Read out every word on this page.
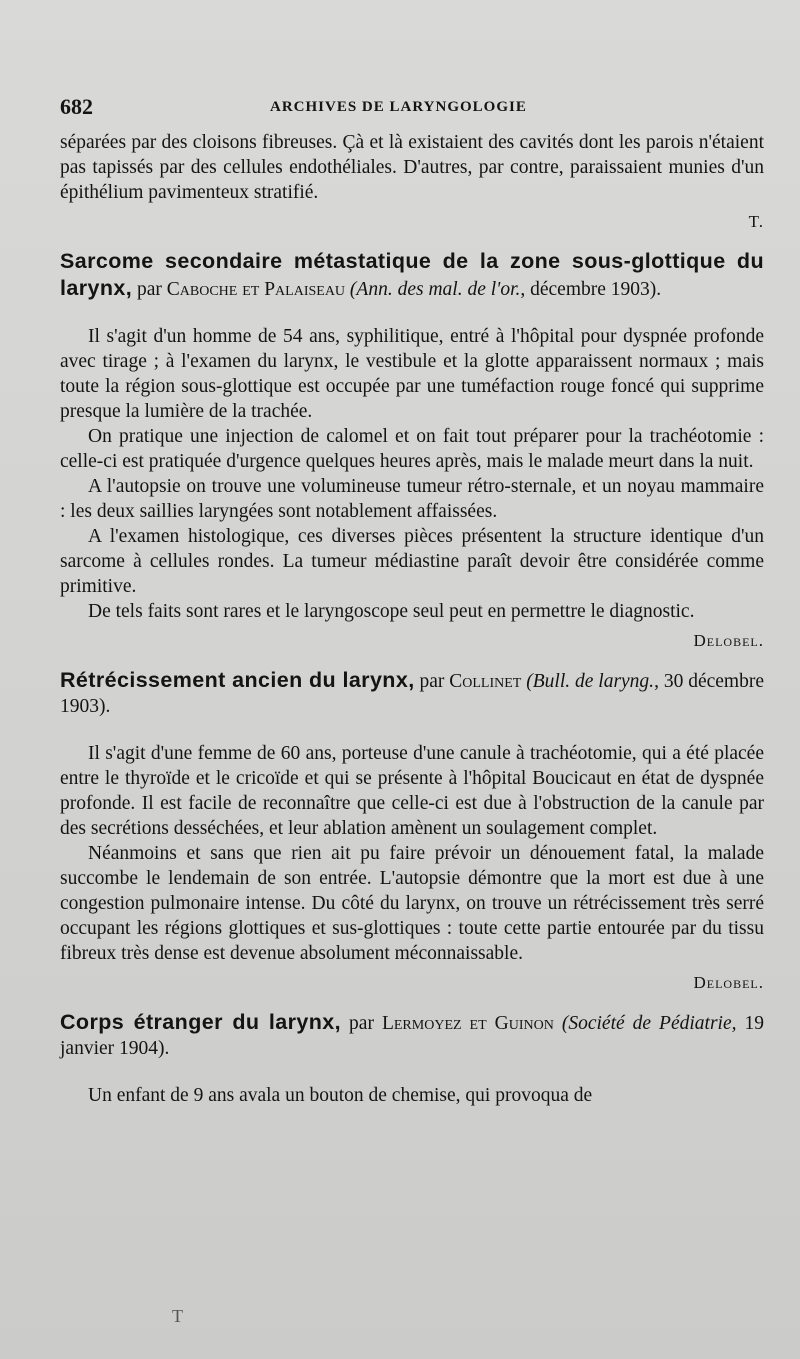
682	ARCHIVES DE LARYNGOLOGIE

séparées par des cloisons fibreuses. Çà et là existaient des cavités dont les parois n'étaient pas tapissés par des cellules endothéliales. D'autres, par contre, paraissaient munies d'un épithélium pavimenteux stratifié.

T.
Sarcome secondaire métastatique de la zone sous-glottique du larynx, par Caboche et Palaiseau (Ann. des mal. de l'or., décembre 1903).

Il s'agit d'un homme de 54 ans, syphilitique, entré à l'hôpital pour dyspnée profonde avec tirage ; à l'examen du larynx, le vestibule et la glotte apparaissent normaux ; mais toute la région sous-glottique est occupée par une tuméfaction rouge foncé qui supprime presque la lumière de la trachée.

On pratique une injection de calomel et on fait tout préparer pour la trachéotomie : celle-ci est pratiquée d'urgence quelques heures après, mais le malade meurt dans la nuit.

A l'autopsie on trouve une volumineuse tumeur rétro-sternale, et un noyau mammaire : les deux saillies laryngées sont notablement affaissées.

A l'examen histologique, ces diverses pièces présentent la structure identique d'un sarcome à cellules rondes. La tumeur médiastine paraît devoir être considérée comme primitive.

De tels faits sont rares et le laryngoscope seul peut en permettre le diagnostic.

Delobel.
Rétrécissement ancien du larynx, par Collinet (Bull. de laryng., 30 décembre 1903).

Il s'agit d'une femme de 60 ans, porteuse d'une canule à trachéotomie, qui a été placée entre le thyroïde et le cricoïde et qui se présente à l'hôpital Boucicaut en état de dyspnée profonde. Il est facile de reconnaître que celle-ci est due à l'obstruction de la canule par des secrétions desséchées, et leur ablation amènent un soulagement complet.

Néanmoins et sans que rien ait pu faire prévoir un dénouement fatal, la malade succombe le lendemain de son entrée. L'autopsie démontre que la mort est due à une congestion pulmonaire intense. Du côté du larynx, on trouve un rétrécissement très serré occupant les régions glottiques et sus-glottiques : toute cette partie entourée par du tissu fibreux très dense est devenue absolument méconnaissable.

Delobel.
Corps étranger du larynx, par Lermoyez et Guinon (Société de Pédiatrie, 19 janvier 1904).

Un enfant de 9 ans avala un bouton de chemise, qui provoqua de

T
